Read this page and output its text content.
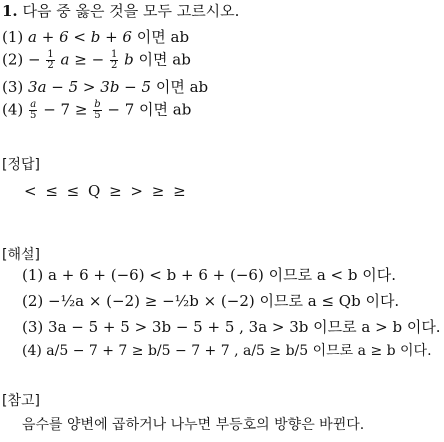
1. 다음 중 옳은 것을 모두 고르시오.
(1) a + 6 < b + 6 이면 ab
$(2) - \frac{1}{2}$ a ≥ − $\frac{1}{2}$ b 이면 ab
(3) 3a − 5 > 3b − 5 이면 ab
$(4) \frac{a}{5} - 7 \ge \frac{b}{5} - 7$ 이면 ab
[정답]
< ≤ ≤ Q ≥ > ≥ ≥
[해설]
(1) a + 6 + (−6) < b + 6 + (−6) 이므로 a < b 이다.
(2) −½a × (−2) ≥ −½b × (−2) 이므로 a ≤ Qb 이다.
(3) 3a − 5 + 5 > 3b − 5 + 5 , 3a > 3b 이므로 a > b 이다.
(4) a/5 − 7 + 7 ≥ b/5 − 7 + 7 , a/5 ≥ b/5 이므로 a ≥ b 이다.
[참고]
음수를 양변에 곱하거나 나누면 부등호의 방향은 바뀐다.
